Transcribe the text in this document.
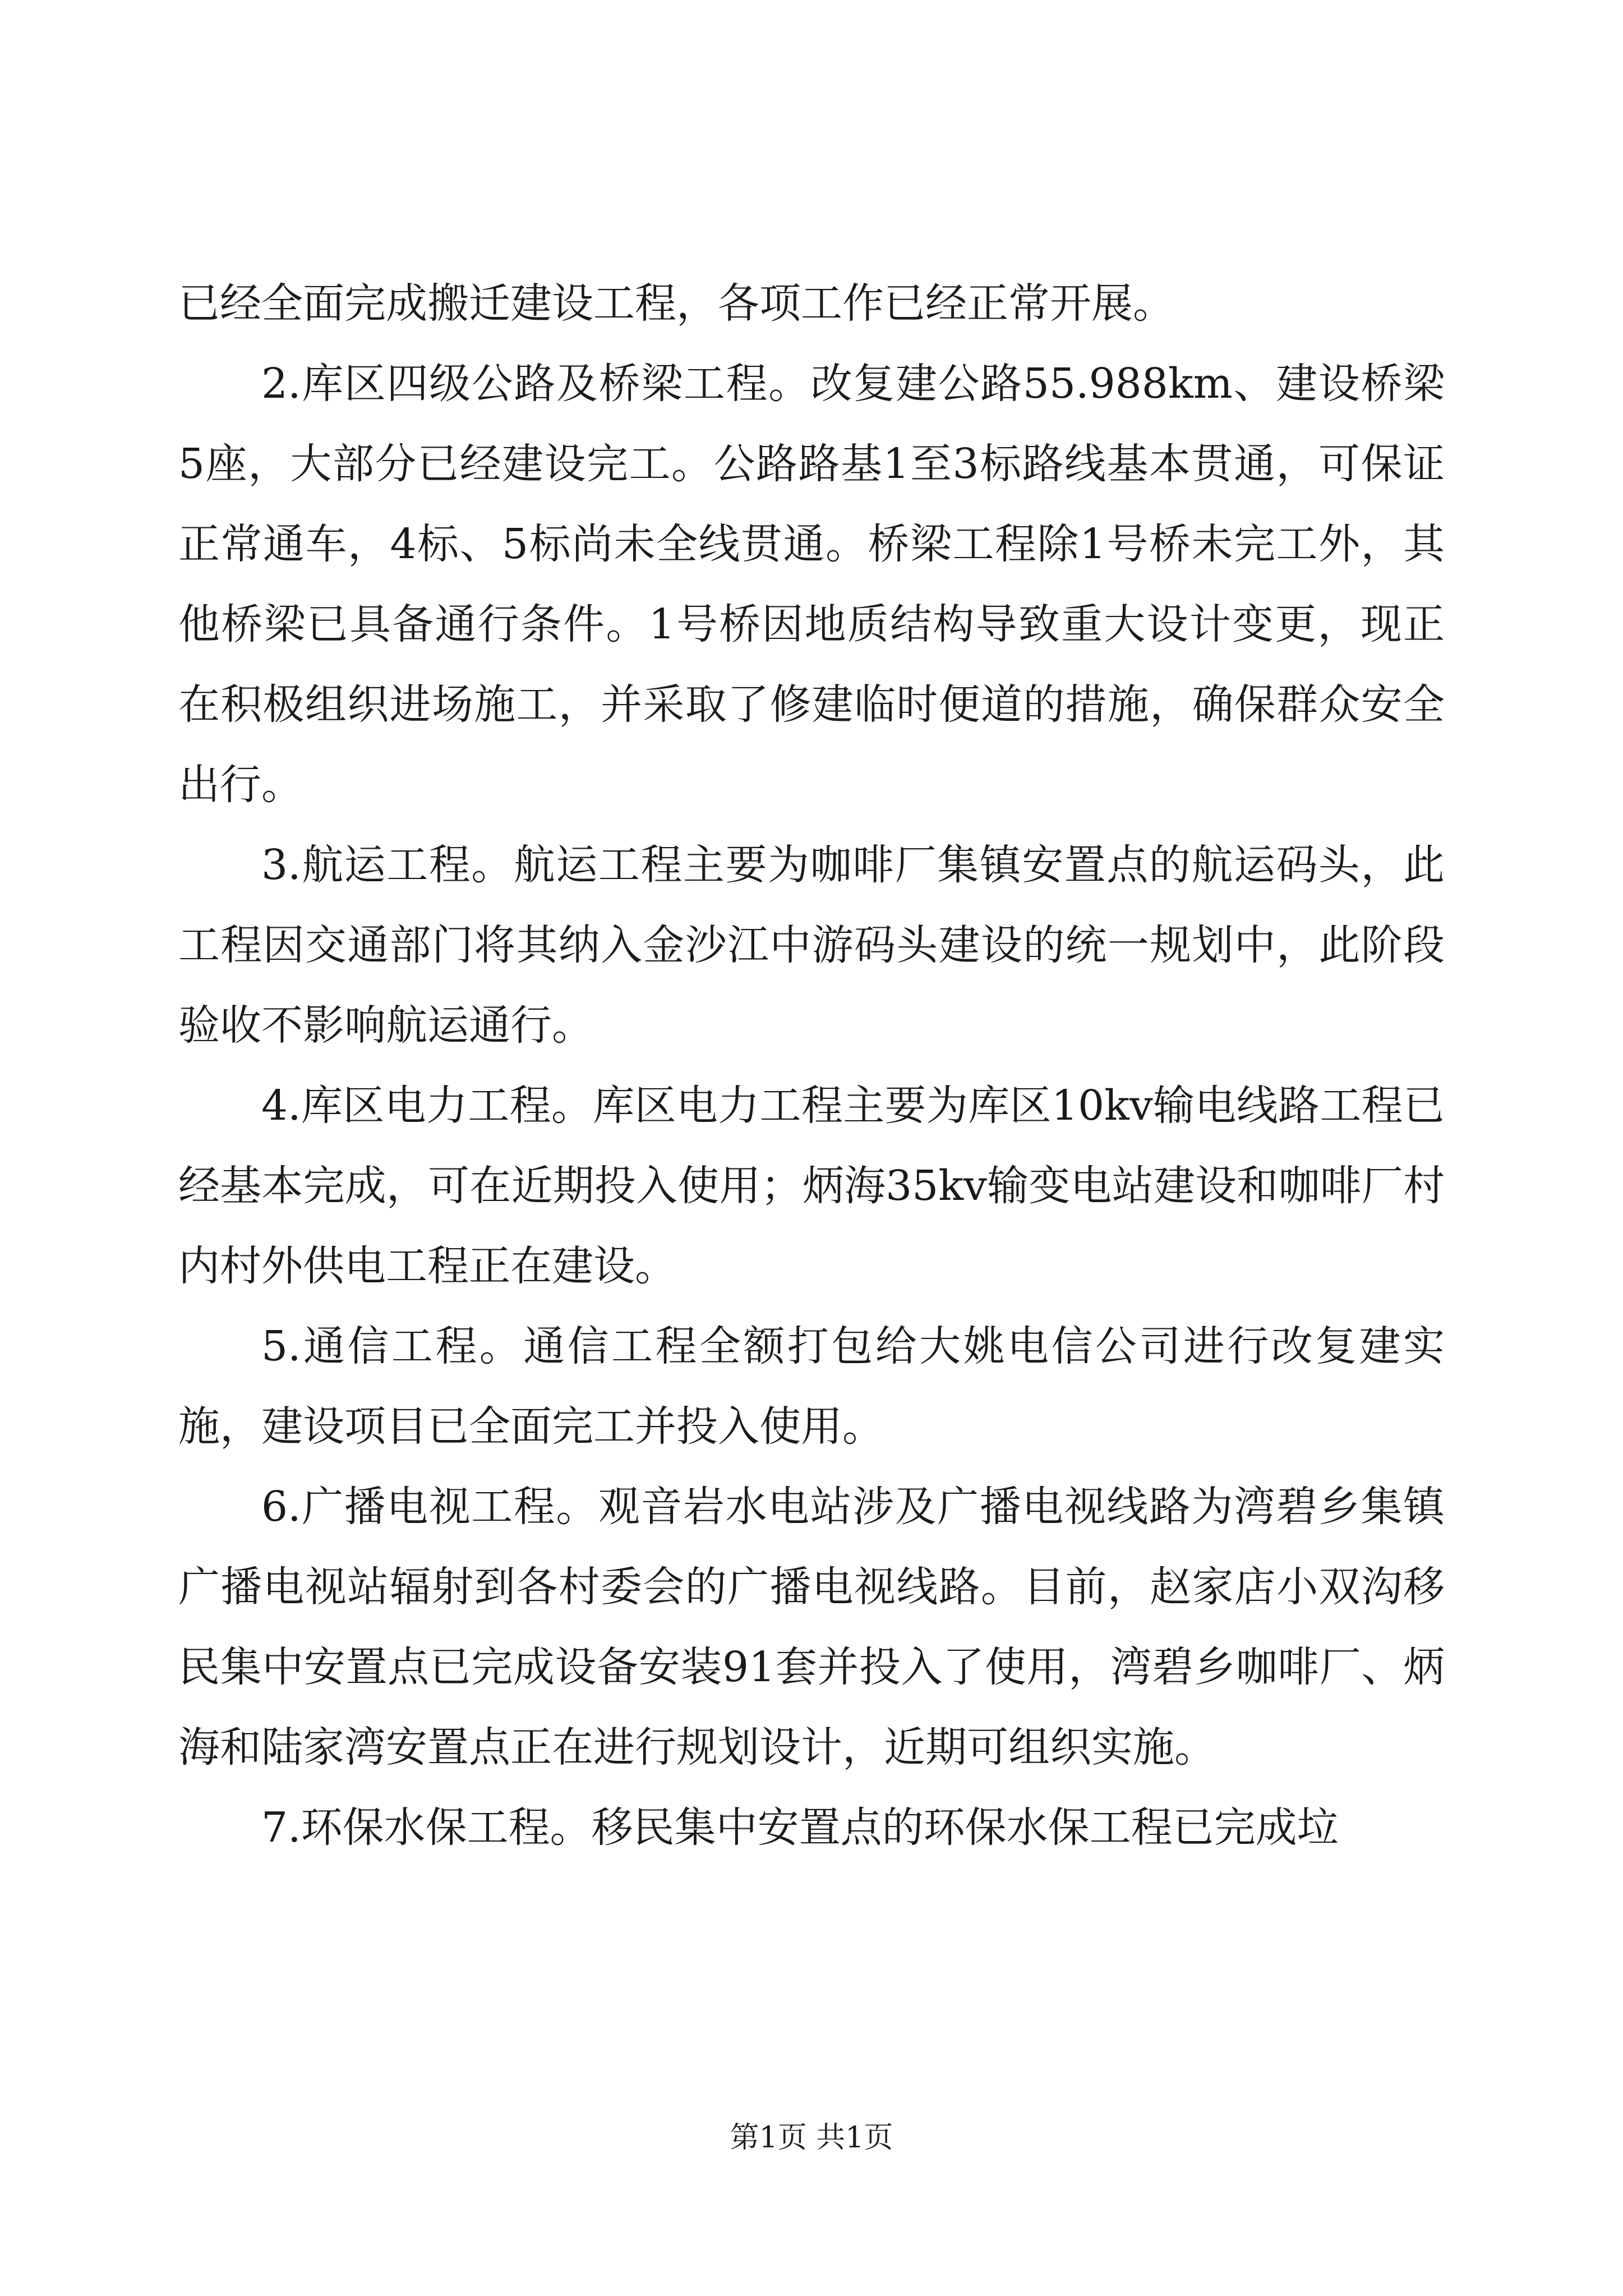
已经全面完成搬迁建设工程，各项工作已经正常开展。

2.库区四级公路及桥梁工程。改复建公路55.988km、建设桥梁5座，大部分已经建设完工。公路路基1至3标路线基本贯通，可保证正常通车，4标、5标尚未全线贯通。桥梁工程除1号桥未完工外，其他桥梁已具备通行条件。1号桥因地质结构导致重大设计变更，现正在积极组织进场施工，并采取了修建临时便道的措施，确保群众安全出行。

3.航运工程。航运工程主要为咖啡厂集镇安置点的航运码头，此工程因交通部门将其纳入金沙江中游码头建设的统一规划中，此阶段验收不影响航运通行。

4.库区电力工程。库区电力工程主要为库区10kv输电线路工程已经基本完成，可在近期投入使用；炳海35kv输变电站建设和咖啡厂村内村外供电工程正在建设。

5.通信工程。通信工程全额打包给大姚电信公司进行改复建实施，建设项目已全面完工并投入使用。

6.广播电视工程。观音岩水电站涉及广播电视线路为湾碧乡集镇广播电视站辐射到各村委会的广播电视线路。目前，赵家店小双沟移民集中安置点已完成设备安装91套并投入了使用，湾碧乡咖啡厂、炳海和陆家湾安置点正在进行规划设计，近期可组织实施。

7.环保水保工程。移民集中安置点的环保水保工程已完成垃

第1页 共1页
